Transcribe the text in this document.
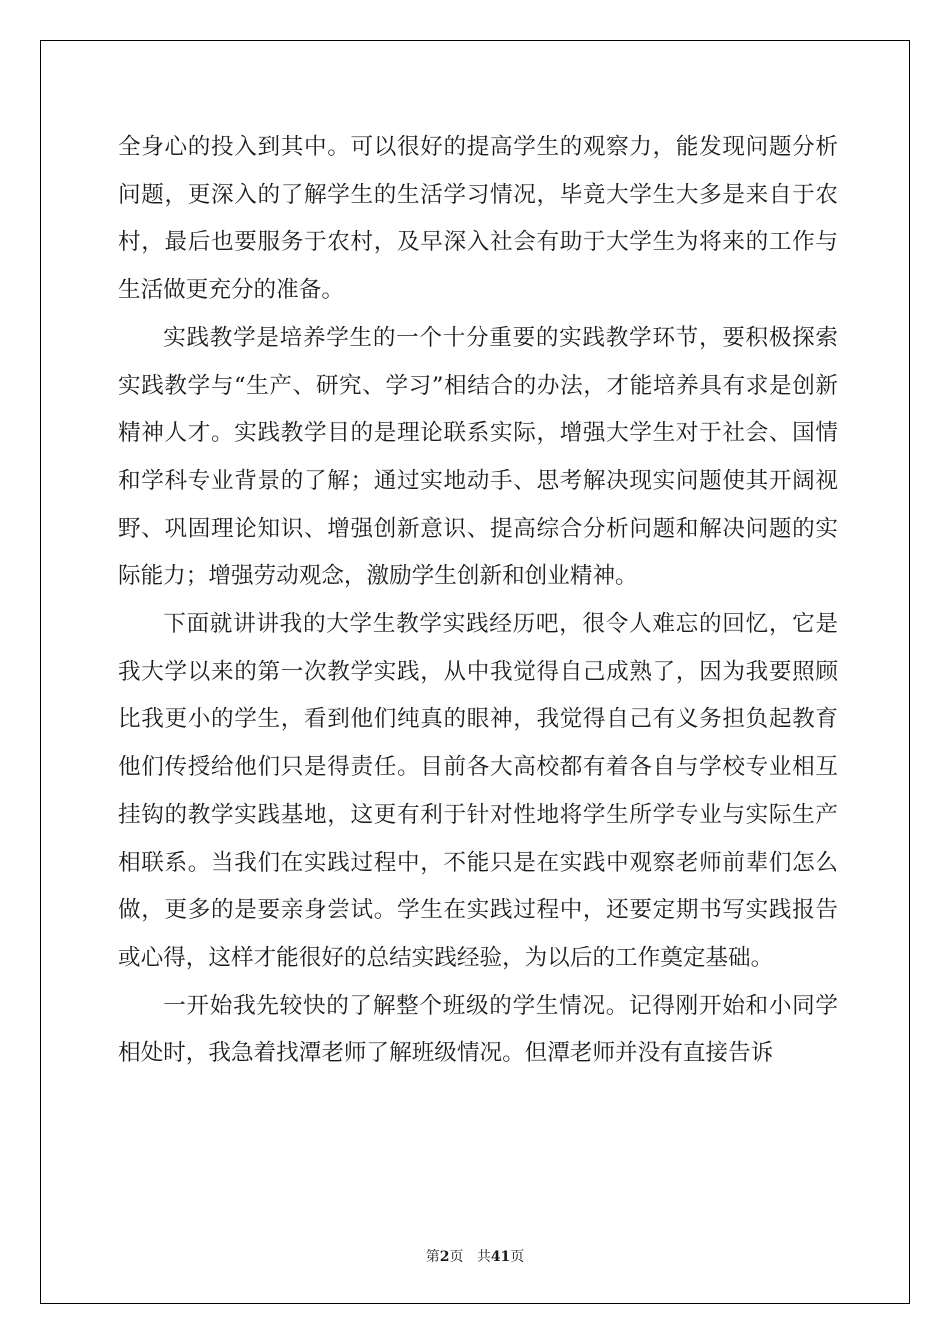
全身心的投入到其中。可以很好的提高学生的观察力，能发现问题分析问题，更深入的了解学生的生活学习情况，毕竟大学生大多是来自于农村，最后也要服务于农村，及早深入社会有助于大学生为将来的工作与生活做更充分的准备。

实践教学是培养学生的一个十分重要的实践教学环节，要积极探索实践教学与“生产、研究、学习”相结合的办法，才能培养具有求是创新精神人才。实践教学目的是理论联系实际，增强大学生对于社会、国情和学科专业背景的了解；通过实地动手、思考解决现实问题使其开阔视野、巩固理论知识、增强创新意识、提高综合分析问题和解决问题的实际能力；增强劳动观念，激励学生创新和创业精神。

下面就讲讲我的大学生教学实践经历吧，很令人难忘的回忆，它是我大学以来的第一次教学实践，从中我觉得自己成熟了，因为我要照顾比我更小的学生，看到他们纯真的眼神，我觉得自己有义务担负起教育他们传授给他们只是得责任。目前各大高校都有着各自与学校专业相互挂钩的教学实践基地，这更有利于针对性地将学生所学专业与实际生产相联系。当我们在实践过程中，不能只是在实践中观察老师前辈们怎么做，更多的是要亲身尝试。学生在实践过程中，还要定期书写实践报告或心得，这样才能很好的总结实践经验，为以后的工作奠定基础。

一开始我先较快的了解整个班级的学生情况。记得刚开始和小同学相处时，我急着找潭老师了解班级情况。但潭老师并没有直接告诉

第2页 共41页
